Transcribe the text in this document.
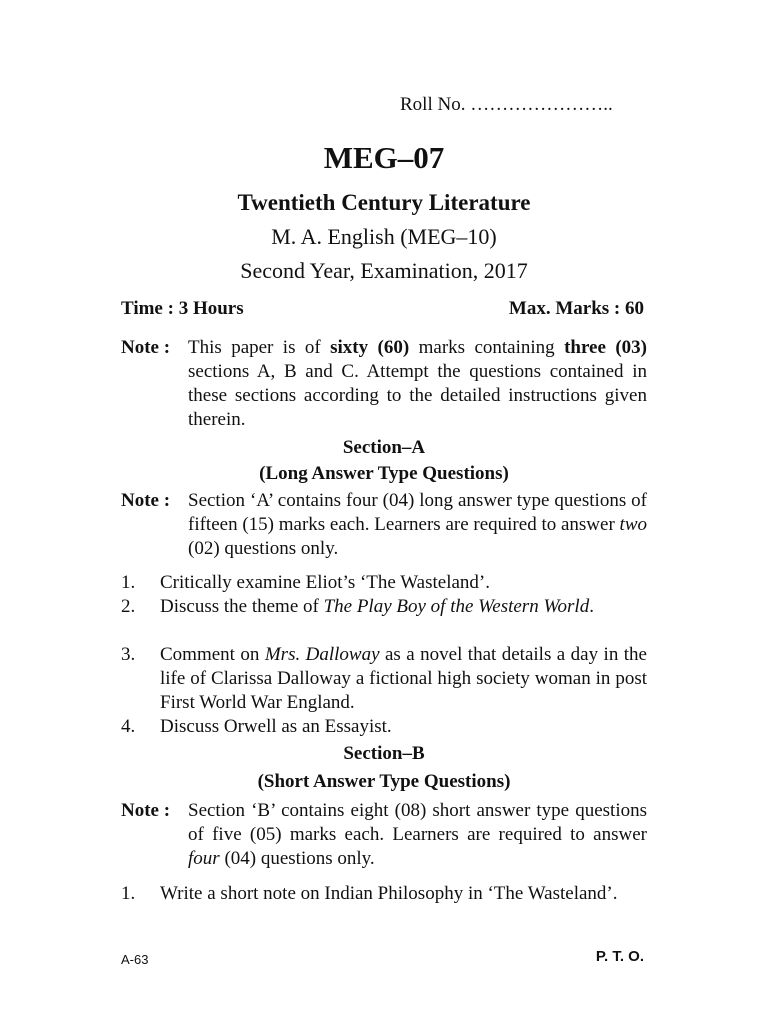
Roll No. …………………..
MEG–07
Twentieth Century Literature
M. A. English (MEG–10)
Second Year, Examination, 2017
Time : 3 Hours	Max. Marks : 60
Note : This paper is of sixty (60) marks containing three (03) sections A, B and C. Attempt the questions contained in these sections according to the detailed instructions given therein.
Section–A
(Long Answer Type Questions)
Note : Section ‘A’ contains four (04) long answer type questions of fifteen (15) marks each. Learners are required to answer two (02) questions only.
1.	Critically examine Eliot’s ‘The Wasteland’.
2.	Discuss the theme of The Play Boy of the Western World.
3.	Comment on Mrs. Dalloway as a novel that details a day in the life of Clarissa Dalloway a fictional high society woman in post First World War England.
4.	Discuss Orwell as an Essayist.
Section–B
(Short Answer Type Questions)
Note : Section ‘B’ contains eight (08) short answer type questions of five (05) marks each. Learners are required to answer four (04) questions only.
1.	Write a short note on Indian Philosophy in ‘The Wasteland’.
A-63	P. T. O.
